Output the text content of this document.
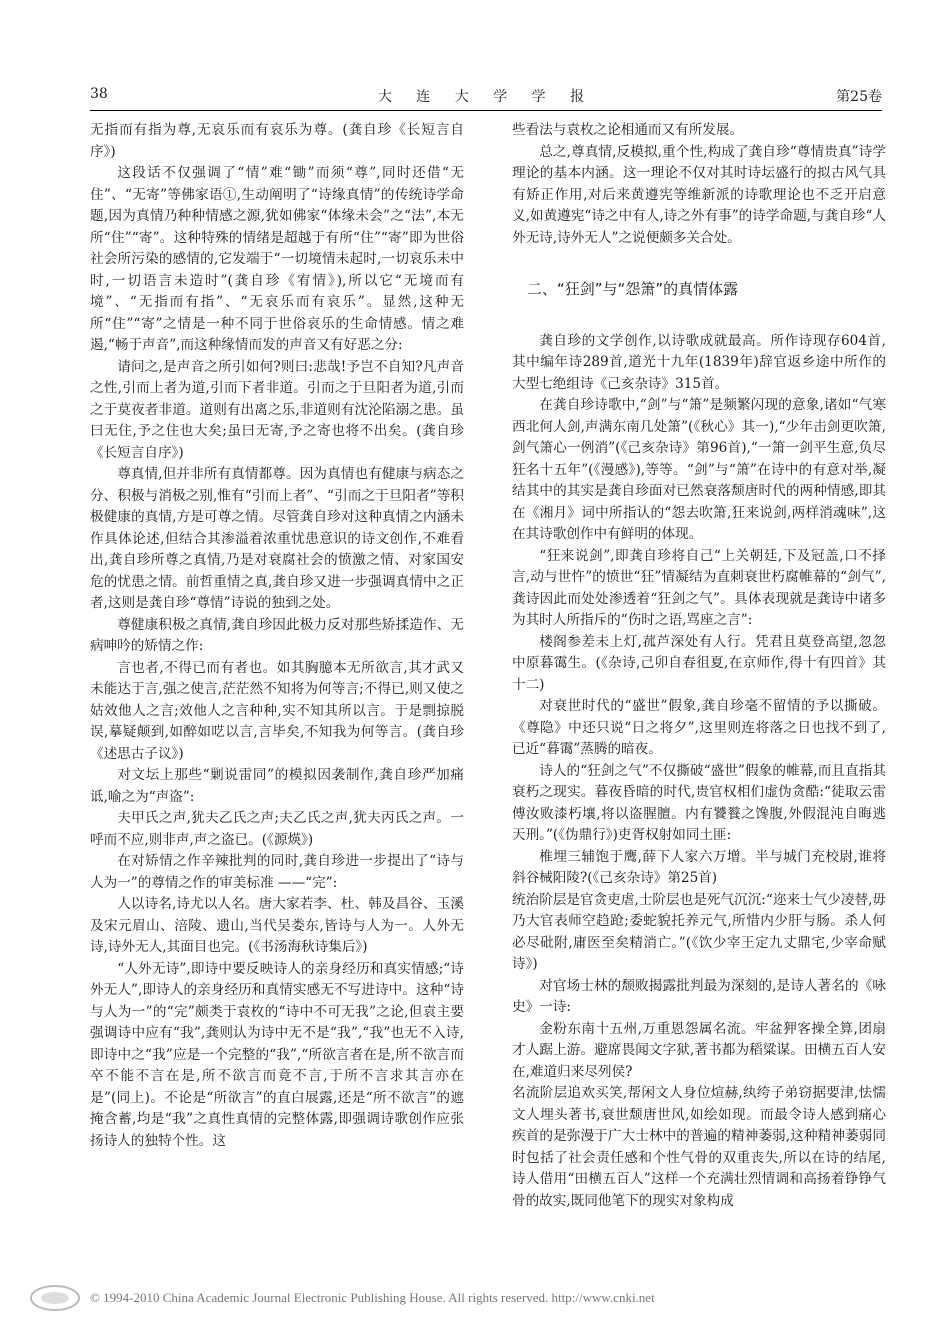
38	大 连 大 学 学 报	第25卷

无指而有指为尊,无哀乐而有哀乐为尊。(龚自珍《长短言自序》)

这段话不仅强调了“情”难“锄”而须“尊”,同时还借“无住”、“无寄”等佛家语①,生动阐明了“诗缘真情”的传统诗学命题,因为真情乃种种情感之源,犹如佛家“体缘未会”之“法”,本无所“住”“寄”。这种特殊的情绪是超越于有所“住”“寄”即为世俗社会所污染的感情的,它发端于“一切境情未起时,一切哀乐未中时,一切语言未造时”(龚自珍《宥情》),所以它“无境而有境”、“无指而有指”、“无哀乐而有哀乐”。显然,这种无所“住”“寄”之情是一种不同于世俗哀乐的生命情感。情之难遏,“畅于声音”,而这种缘情而发的声音又有好恶之分:

请问之,是声音之所引如何?则曰:悲哉!予岂不自知?凡声音之性,引而上者为道,引而下者非道。引而之于旦阳者为道,引而之于莫夜者非道。道则有出离之乐,非道则有沈沦陷溺之患。虽曰无住,予之住也大矣;虽曰无寄,予之寄也将不出矣。(龚自珍《长短言自序》)

尊真情,但并非所有真情都尊。因为真情也有健康与病态之分、积极与消极之别,惟有“引而上者”、“引而之于旦阳者”等积极健康的真情,方是可尊之情。尽管龚自珍对这种真情之内涵未作具体论述,但结合其渗溢着浓重忧患意识的诗文创作,不难看出,龚自珍所尊之真情,乃是对衰腐社会的愤激之情、对家国安危的忧患之情。前哲重情之真,龚自珍又进一步强调真情中之正者,这则是龚自珍“尊情”诗说的独到之处。

尊健康积极之真情,龚自珍因此极力反对那些矫揉造作、无病呻吟的矫情之作:

言也者,不得已而有者也。如其胸臆本无所欲言,其才武又未能达于言,强之使言,茫茫然不知将为何等言;不得已,则又使之姑效他人之言;效他人之言种种,实不知其所以言。于是剽掠脱误,摹疑颠到,如醉如呓以言,言毕矣,不知我为何等言。(龚自珍《述思古子议》)

对文坛上那些“剿说雷同”的模拟因袭制作,龚自珍严加痛诋,喻之为“声盗”:

夫甲氏之声,犹夫乙氏之声;夫乙氏之声,犹夫丙氏之声。一呼而不应,则非声,声之盗已。(《源煐》)

在对矫情之作辛辣批判的同时,龚自珍进一步提出了“诗与人为一”的尊情之作的审美标准 ——“完”:

人以诗名,诗尤以人名。唐大家若李、杜、韩及昌谷、玉溪及宋元眉山、涪陵、遗山,当代吴娄东,皆诗与人为一。人外无诗,诗外无人,其面目也完。(《书汤海秋诗集后》)

“人外无诗”,即诗中要反映诗人的亲身经历和真实情感;“诗外无人”,即诗人的亲身经历和真情实感无不写进诗中。这种“诗与人为一”的“完”颇类于袁枚的“诗中不可无我”之论,但袁主要强调诗中应有“我”,龚则认为诗中无不是“我”,“我”也无不入诗,即诗中之“我”应是一个完整的“我”,“所欲言者在是,所不欲言而卒不能不言在是,所不欲言而竟不言,于所不言求其言亦在是”(同上)。不论是“所欲言”的直白展露,还是“所不欲言”的遮掩含蓄,均是“我”之真性真情的完整体露,即强调诗歌创作应张扬诗人的独特个性。这

些看法与袁枚之论相通而又有所发展。

总之,尊真情,反模拟,重个性,构成了龚自珍“尊情贵真”诗学理论的基本内涵。这一理论不仅对其时诗坛盛行的拟古风气具有矫正作用,对后来黄遵宪等维新派的诗歌理论也不乏开启意义,如黄遵宪“诗之中有人,诗之外有事”的诗学命题,与龚自珍“人外无诗,诗外无人”之说便颇多关合处。

二、“狂剑”与“怨箫”的真情体露

龚自珍的文学创作,以诗歌成就最高。所作诗现存604首,其中编年诗289首,道光十九年(1839年)辞官返乡途中所作的大型七绝组诗《己亥杂诗》315首。

在龚自珍诗歌中,“剑”与“箫”是频繁闪现的意象,诸如“气寒西北何人剑,声满东南几处箫”(《秋心》其一),“少年击剑更吹箫,剑气箫心一例消”(《己亥杂诗》第96首),“一箫一剑平生意,负尽狂名十五年”(《漫感》),等等。“剑”与“箫”在诗中的有意对举,凝结其中的其实是龚自珍面对已然衰落颓唐时代的两种情感,即其在《湘月》词中所指认的“怨去吹箫,狂来说剑,两样消魂味”,这在其诗歌创作中有鲜明的体现。

“狂来说剑”,即龚自珍将自己“上关朝廷,下及冠盖,口不择言,动与世忤”的愤世“狂”情凝结为直刺衰世朽腐帷幕的“剑气”,龚诗因此而处处渗透着“狂剑之气”。具体表现就是龚诗中诸多为其时人所指斥的“伤时之语,骂座之言”:

楼阁参差未上灯,菰芦深处有人行。凭君且莫登高望,忽忽中原暮霭生。(《杂诗,己卯自春徂夏,在京师作,得十有四首》其十二)

对衰世时代的“盛世”假象,龚自珍毫不留情的予以撕破。《尊隐》中还只说“日之将夕”,这里则连将落之日也找不到了,已近“暮霭”蒸腾的暗夜。

诗人的“狂剑之气”不仅撕破“盛世”假象的帷幕,而且直指其衰朽之现实。暮夜昏暗的时代,贵官权相们虚伪贪酷:“徒取云雷傅汝败漆朽壤,将以盗腥膻。内有饕餮之馋腹,外假混沌自晦逃天刑。”(《伪鼎行》)吏胥权射如同土匪:

椎埋三辅饱于鹰,薛下人家六万增。半与城门充校尉,谁将斜谷械阳陵?(《己亥杂诗》第25首)

统治阶层是官贪吏虐,士阶层也是死气沉沉:“迩来士气少凌替,毋乃大官表师空趋跄;委蛇貌托养元气,所惜内少肝与肠。杀人何必尽砒附,庸医至矣精消亡。”(《饮少宰王定九丈鼎宅,少宰命赋诗》)

对官场士林的颓败揭露批判最为深刻的,是诗人著名的《咏史》一诗:

金粉东南十五州,万重恩怨属名流。牢盆狎客操全算,团扇才人踞上游。避席畏闻文字狱,著书都为稻粱谋。田横五百人安在,难道归来尽列侯?

名流阶层追欢买笑,帮闲文人身位煊赫,纨绔子弟窃据要津,怯懦文人埋头著书,衰世颓唐世风,如绘如现。而最令诗人感到痛心疾首的是弥漫于广大士林中的普遍的精神萎弱,这种精神萎弱同时包括了社会责任感和个性气骨的双重丧失,所以在诗的结尾,诗人借用“田横五百人”这样一个充满壮烈情调和高扬着铮铮气骨的故实,既同他笔下的现实对象构成

© 1994-2010 China Academic Journal Electronic Publishing House. All rights reserved. http://www.cnki.net
